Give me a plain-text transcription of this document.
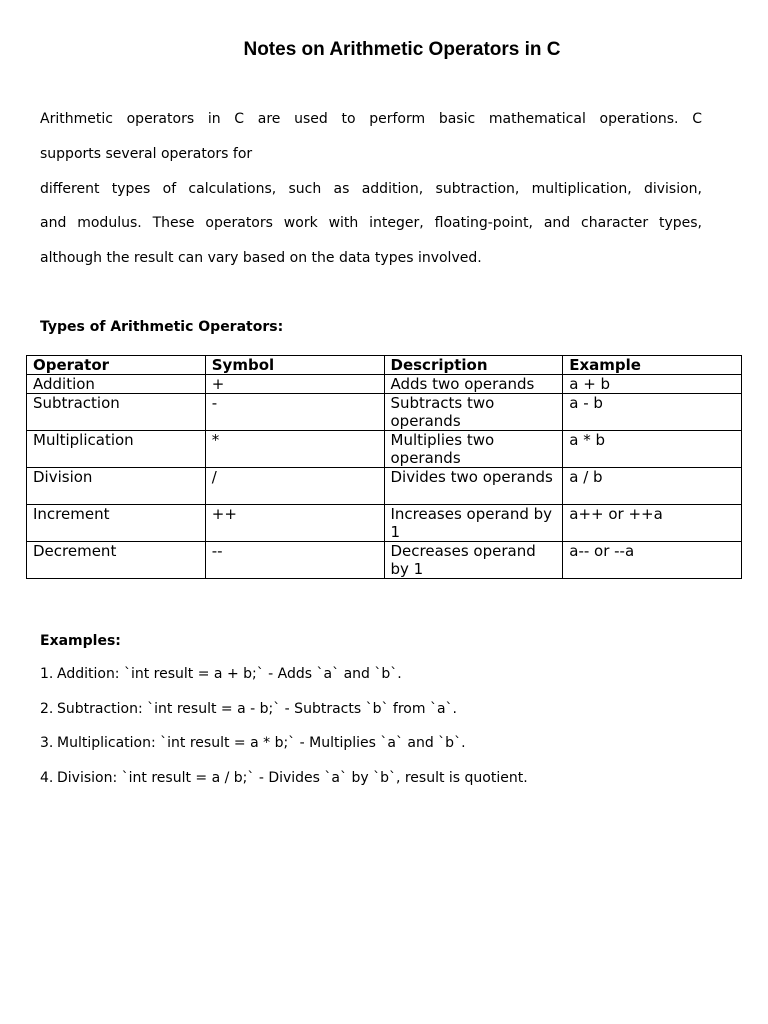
Notes on Arithmetic Operators in C

Arithmetic operators in C are used to perform basic mathematical operations. C

supports several operators for

different types of calculations, such as addition, subtraction, multiplication, division,

and modulus. These operators work with integer, floating-point, and character types,

although the result can vary based on the data types involved.

Types of Arithmetic Operators:
Operator	Symbol	Description	Example
Addition	+	Adds two operands	a + b
Subtraction	-	Subtracts two operands	a - b
Multiplication	*	Multiplies two operands	a * b
Division	/	Divides two operands	a / b
Increment	++	Increases operand by 1	a++ or ++a
Decrement	--	Decreases operand by 1	a-- or --a
Examples:
1. Addition: `int result = a + b;` - Adds `a` and `b`.
2. Subtraction: `int result = a - b;` - Subtracts `b` from `a`.
3. Multiplication: `int result = a * b;` - Multiplies `a` and `b`.
4. Division: `int result = a / b;` - Divides `a` by `b`, result is quotient.
